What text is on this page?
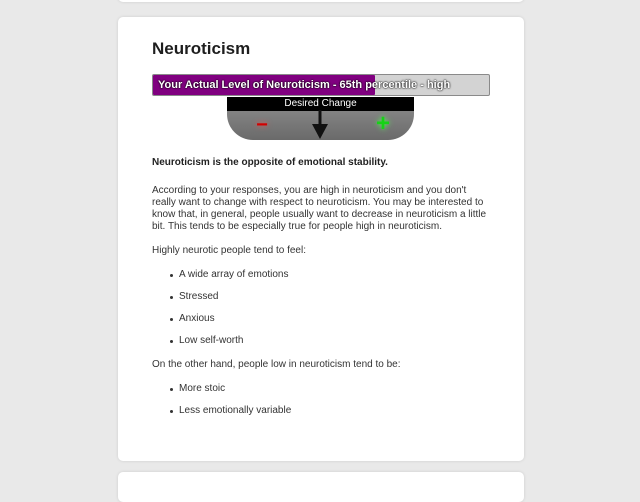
Neuroticism
Your Actual Level of Neuroticism - 65th percentile - high
Desired Change
−	+

Neuroticism is the opposite of emotional stability.

According to your responses, you are high in neuroticism and you don't really want to change with respect to neuroticism. You may be interested to know that, in general, people usually want to decrease in neuroticism a little bit. This tends to be especially true for people high in neuroticism.

Highly neurotic people tend to feel:

A wide array of emotions
Stressed
Anxious
Low self-worth

On the other hand, people low in neuroticism tend to be:

More stoic
Less emotionally variable
